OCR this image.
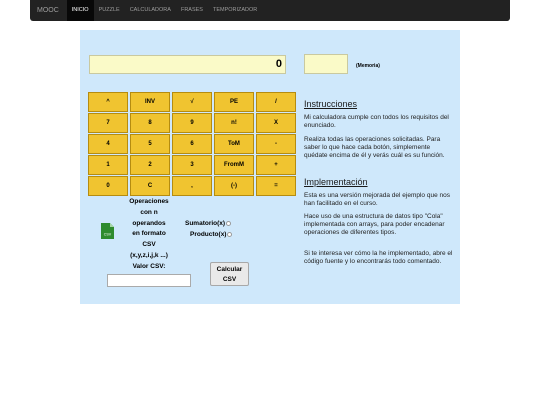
MOOC	INICIO	PUZZLE	CALCULADORA	FRASES	TEMPORIZADOR
0	(Memoria)
^	INV	√	PE	/
7	8	9	n!	X
4	5	6	ToM	-
1	2	3	FromM	+
0	C	,	(-)	=
CSV
Operaciones
con n
operandos
en formato
CSV
(x,y,z,i,j,k ...)
Valor CSV:
Sumatorio(x)
Producto(x)
Calcular
CSV
Instrucciones
Mi calculadora cumple con todos los requisitos del enunciado.
Realiza todas las operaciones solicitadas. Para saber lo que hace cada botón, simplemente quédate encima de él y verás cuál es su función.
Implementación
Esta es una versión mejorada del ejemplo que nos han facilitado en el curso.
Hace uso de una estructura de datos tipo "Cola" implementada con arrays, para poder encadenar operaciones de diferentes tipos.
Si te interesa ver cómo la he implementado, abre el código fuente y lo encontrarás todo comentado.
